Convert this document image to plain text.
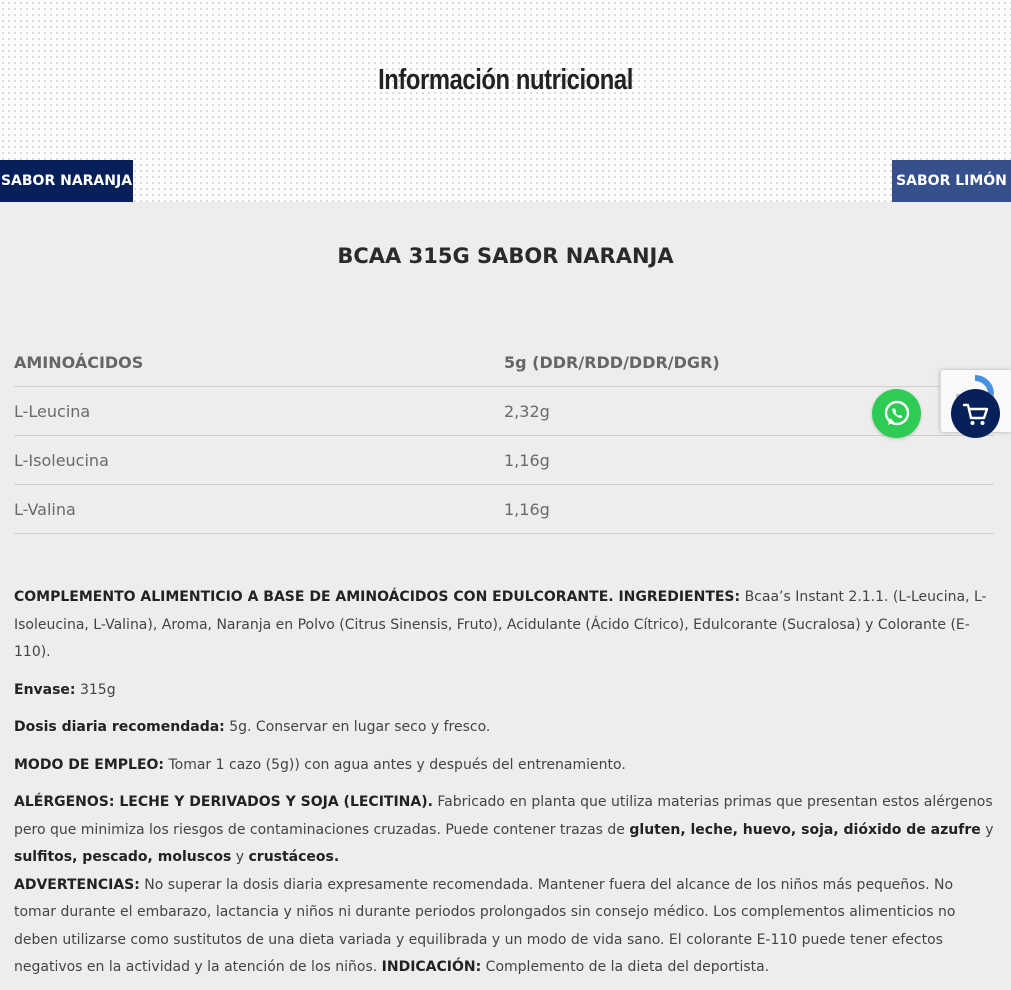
Información nutricional
SABOR NARANJA	SABOR LIMÓN
BCAA 315G SABOR NARANJA
AMINOÁCIDOS	5g (DDR/RDD/DDR/DGR)
L-Leucina	2,32g
L-Isoleucina	1,16g
L-Valina	1,16g

COMPLEMENTO ALIMENTICIO A BASE DE AMINOÁCIDOS CON EDULCORANTE. INGREDIENTES: Bcaa’s Instant 2.1.1. (L-Leucina, L-Isoleucina, L-Valina), Aroma, Naranja en Polvo (Citrus Sinensis, Fruto), Acidulante (Ácido Cítrico), Edulcorante (Sucralosa) y Colorante (E-110).

Envase: 315g

Dosis diaria recomendada: 5g. Conservar en lugar seco y fresco.

MODO DE EMPLEO: Tomar 1 cazo (5g)) con agua antes y después del entrenamiento.

ALÉRGENOS: LECHE Y DERIVADOS Y SOJA (LECITINA). Fabricado en planta que utiliza materias primas que presentan estos alérgenos pero que minimiza los riesgos de contaminaciones cruzadas. Puede contener trazas de gluten, leche, huevo, soja, dióxido de azufre y sulfitos, pescado, moluscos y crustáceos.

ADVERTENCIAS: No superar la dosis diaria expresamente recomendada. Mantener fuera del alcance de los niños más pequeños. No tomar durante el embarazo, lactancia y niños ni durante periodos prolongados sin consejo médico. Los complementos alimenticios no deben utilizarse como sustitutos de una dieta variada y equilibrada y un modo de vida sano. El colorante E-110 puede tener efectos negativos en la actividad y la atención de los niños. INDICACIÓN: Complemento de la dieta del deportista.
